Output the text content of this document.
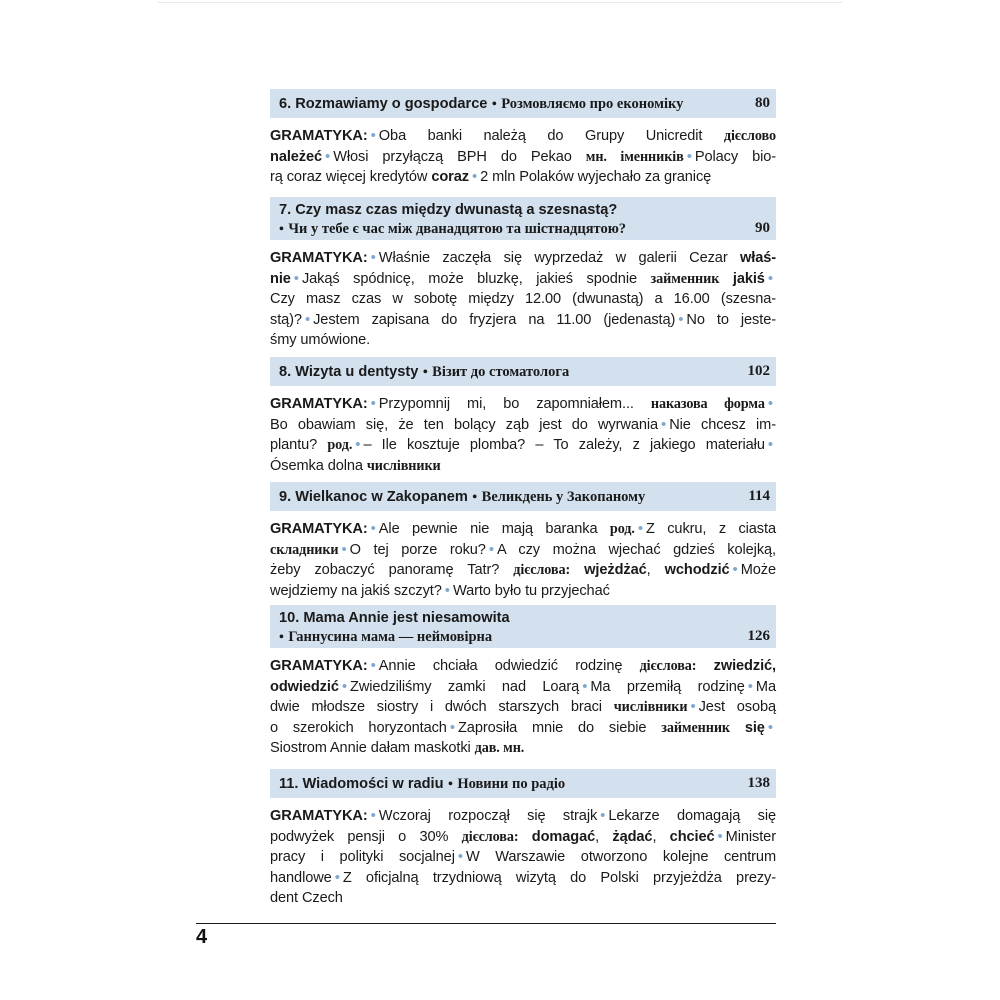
6. Rozmawiamy o gospodarce • Розмовляємо про економіку	80
GRAMATYKA: • Oba banki należą do Grupy Unicredit дієслово
należeć • Włosi przyłączą BPH do Pekao мн. іменників • Polacy bio-
rą coraz więcej kredytów coraz • 2 mln Polaków wyjechało za granicę
7. Czy masz czas między dwunastą a szesnastą?
• Чи у тебе є час між дванадцятою та шістнадцятою?	90
GRAMATYKA: • Właśnie zaczęła się wyprzedaż w galerii Cezar właś-
nie • Jakąś spódnicę, może bluzkę, jakieś spodnie займенник jakiś •
Czy masz czas w sobotę między 12.00 (dwunastą) a 16.00 (szesna-
stą)? • Jestem zapisana do fryzjera na 11.00 (jedenastą) • No to jeste-
śmy umówione.
8. Wizyta u dentysty • Візит до стоматолога	102
GRAMATYKA: • Przypomnij mi, bo zapomniałem... наказова форма •
Bo obawiam się, że ten bolący ząb jest do wyrwania • Nie chcesz im-
plantu? род. • – Ile kosztuje plomba? – To zależy, z jakiego materiału •
Ósemka dolna числівники
9. Wielkanoc w Zakopanem • Великдень у Закопаному	114
GRAMATYKA: • Ale pewnie nie mają baranka род. • Z cukru, z ciasta
складники • O tej porze roku? • A czy można wjechać gdzieś kolejką,
żeby zobaczyć panoramę Tatr? дієслова: wjeżdżać, wchodzić • Może
wejdziemy na jakiś szczyt? • Warto było tu przyjechać
10. Mama Annie jest niesamowita
• Ганнусина мама — неймовірна	126
GRAMATYKA: • Annie chciała odwiedzić rodzinę дієслова: zwiedzić,
odwiedzić • Zwiedziliśmy zamki nad Loarą • Ma przemiłą rodzinę • Ma
dwie młodsze siostry i dwóch starszych braci числівники • Jest osobą
o szerokich horyzontach • Zaprosiła mnie do siebie займенник się •
Siostrom Annie dałam maskotki дав. мн.
11. Wiadomości w radiu • Новини по радіо	138
GRAMATYKA: • Wczoraj rozpoczął się strajk • Lekarze domagają się
podwyżek pensji o 30% дієслова: domagać, żądać, chcieć • Minister
pracy i polityki socjalnej • W Warszawie otworzono kolejne centrum
handlowe • Z oficjalną trzydniową wizytą do Polski przyjeżdża prezy-
dent Czech
4
